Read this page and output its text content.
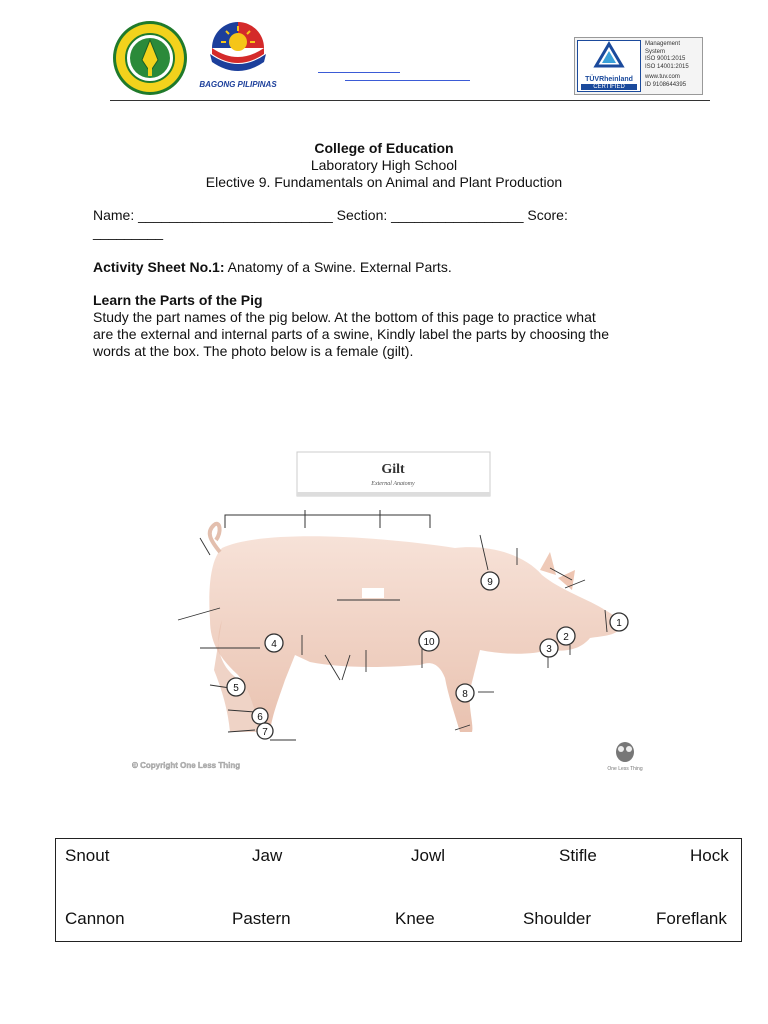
BAGONG PILIPINAS
TÜVRheinland
CERTIFIED
Management
System
ISO 9001:2015
ISO 14001:2015
www.tuv.com
ID 9108644395
College of Education
Laboratory High School
Elective 9. Fundamentals on Animal and Plant Production
Name: _________________________ Section: _________________ Score:
_________
Activity Sheet No.1: Anatomy of a Swine. External Parts.
Learn the Parts of the Pig
Study the part names of the pig below. At the bottom of this page to practice what
are the external and internal parts of a swine, Kindly label the parts by choosing the
words at the box. The photo below is a female (gilt).
Gilt
External Anatomy
1
2
3
4
5
6
7
8
9
10
© Copyright One Less Thing	One Less Thing
Snout	Jaw	Jowl	Stifle	Hock
Cannon	Pastern	Knee	Shoulder	Foreflank
